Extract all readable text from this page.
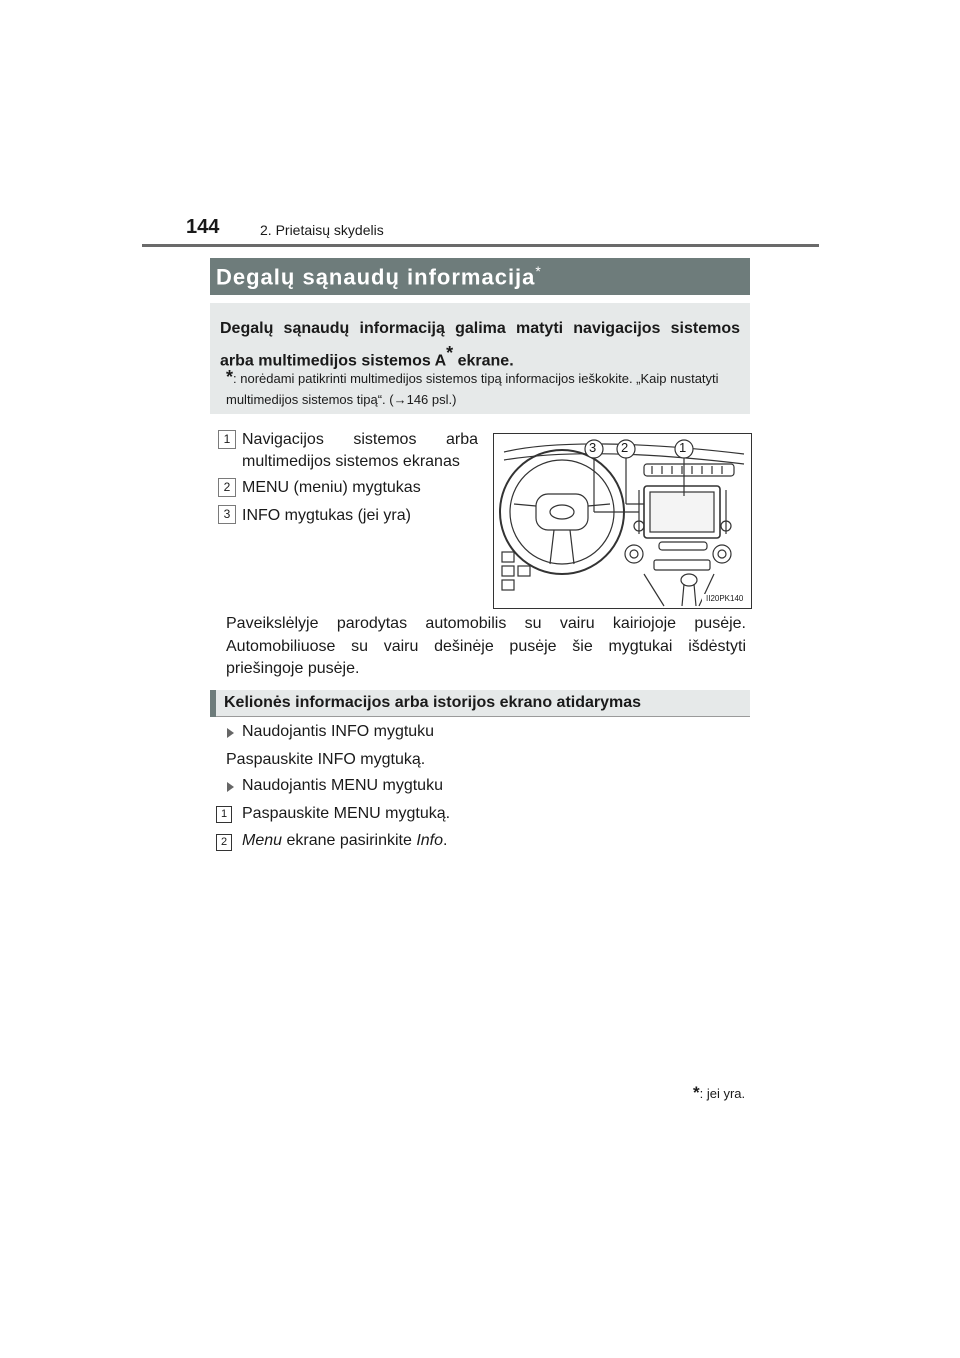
144	2. Prietaisų skydelis
Degalų sąnaudų informacija*
Degalų sąnaudų informaciją galima matyti navigacijos sistemos arba multimedijos sistemos A* ekrane.
*: norėdami patikrinti multimedijos sistemos tipą informacijos ieškokite. „Kaip nustatyti multimedijos sistemos tipą“. (→146 psl.)
1 Navigacijos sistemos arba
multimedijos sistemos ekranas
2 MENU (meniu) mygtukas
3 INFO mygtukas (jei yra)
3 2	1
II20PK140
Paveikslėlyje parodytas automobilis su vairu kairiojoje pusėje. Automobiliuose su vairu dešinėje pusėje šie mygtukai išdėstyti priešingoje pusėje.
Kelionės informacijos arba istorijos ekrano atidarymas
Naudojantis INFO mygtuku
Paspauskite INFO mygtuką.
Naudojantis MENU mygtuku
1 Paspauskite MENU mygtuką.
2 Menu ekrane pasirinkite Info.
*: jei yra.
